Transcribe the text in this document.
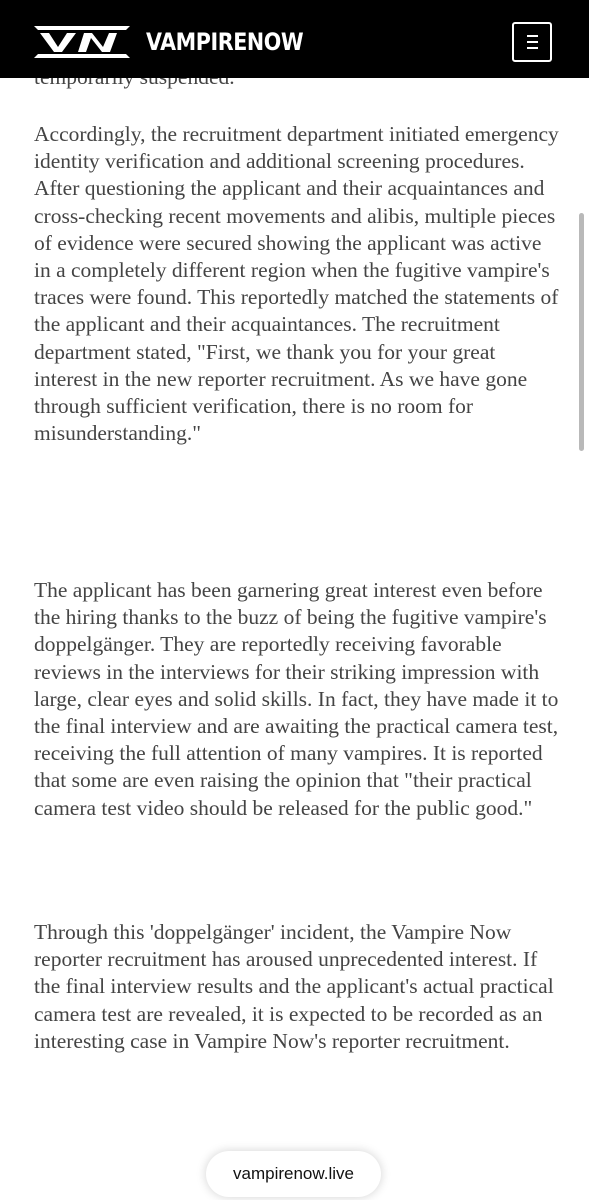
VAMPIRENOW

Accordingly, the recruitment department initiated emergency identity verification and additional screening procedures. After questioning the applicant and their acquaintances and cross-checking recent movements and alibis, multiple pieces of evidence were secured showing the applicant was active in a completely different region when the fugitive vampire's traces were found. This reportedly matched the statements of the applicant and their acquaintances. The recruitment department stated, "First, we thank you for your great interest in the new reporter recruitment. As we have gone through sufficient verification, there is no room for misunderstanding."

The applicant has been garnering great interest even before the hiring thanks to the buzz of being the fugitive vampire's doppelgänger. They are reportedly receiving favorable reviews in the interviews for their striking impression with large, clear eyes and solid skills. In fact, they have made it to the final interview and are awaiting the practical camera test, receiving the full attention of many vampires. It is reported that some are even raising the opinion that "their practical camera test video should be released for the public good."

Through this 'doppelgänger' incident, the Vampire Now reporter recruitment has aroused unprecedented interest. If the final interview results and the applicant's actual practical camera test are revealed, it is expected to be recorded as an interesting case in Vampire Now's reporter recruitment.

vampirenow.live
